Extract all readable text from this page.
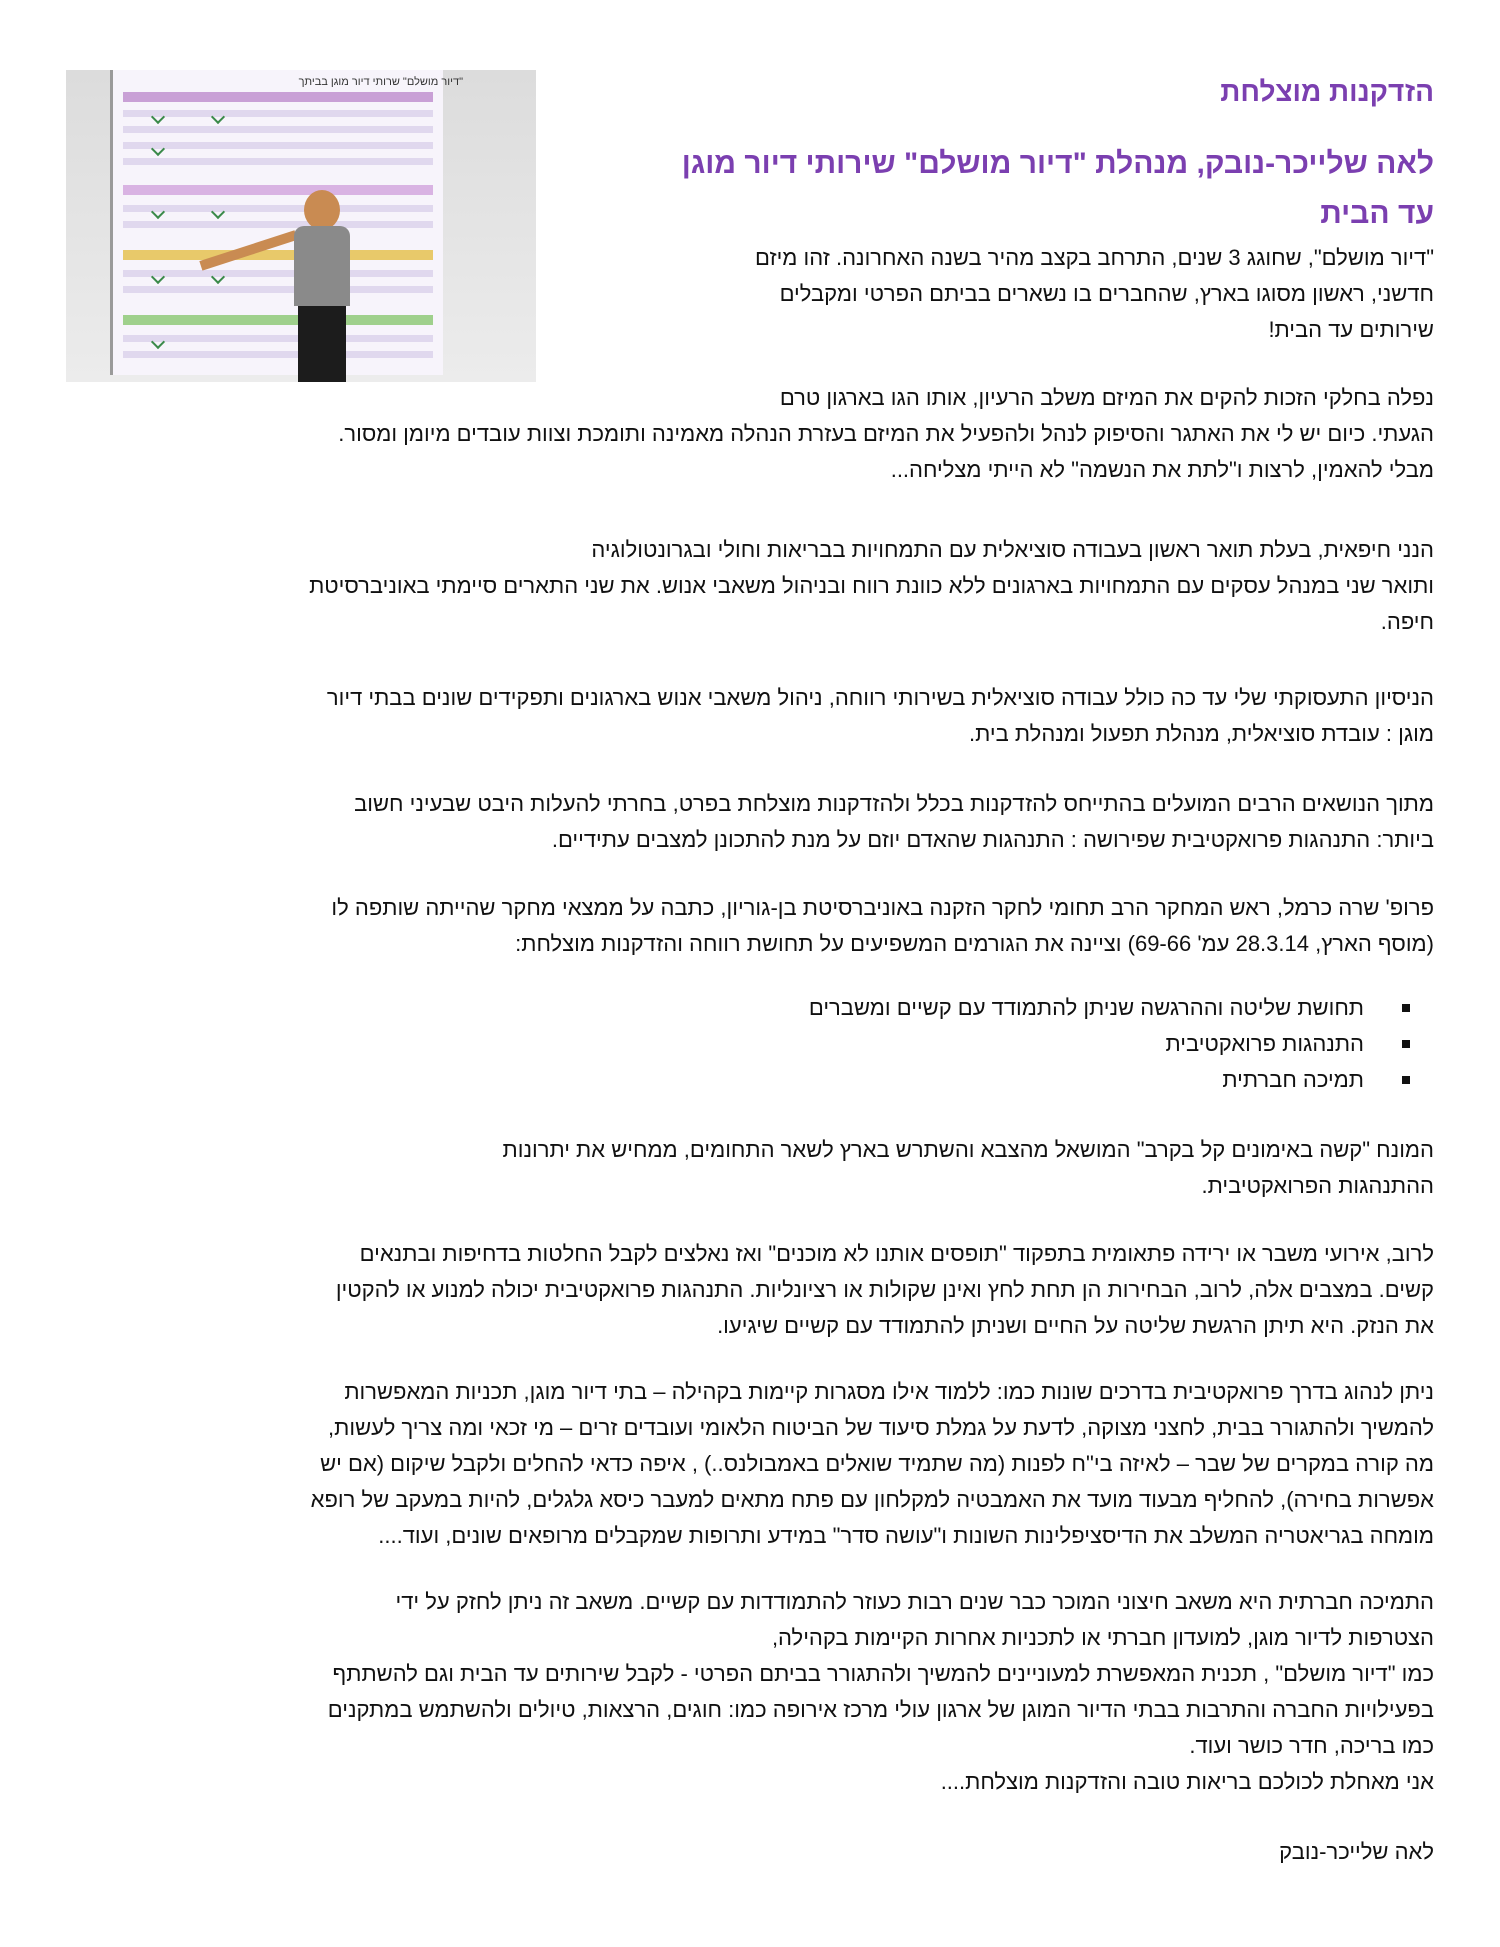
"דיור מושלם" שרותי דיור מוגן בביתך	הזדקנות מוצלחת
לאה שלייכר-נובק, מנהלת "דיור מושלם" שירותי דיור מוגן
עד הבית
"דיור מושלם", שחוגג 3 שנים, התרחב בקצב מהיר בשנה האחרונה. זהו מיזם
חדשני, ראשון מסוגו בארץ, שהחברים בו נשארים בביתם הפרטי ומקבלים
שירותים עד הבית!
נפלה בחלקי הזכות להקים את המיזם משלב הרעיון, אותו הגו בארגון טרם
הגעתי. כיום יש לי את האתגר והסיפוק לנהל ולהפעיל את המיזם בעזרת הנהלה מאמינה ותומכת וצוות עובדים מיומן ומסור.
מבלי להאמין, לרצות ו"לתת את הנשמה" לא הייתי מצליחה...
הנני חיפאית, בעלת תואר ראשון בעבודה סוציאלית עם התמחויות בבריאות וחולי ובגרונטולוגיה
ותואר שני במנהל עסקים עם התמחויות בארגונים ללא כוונת רווח ובניהול משאבי אנוש. את שני התארים סיימתי באוניברסיטת
חיפה.
הניסיון התעסוקתי שלי עד כה כולל עבודה סוציאלית בשירותי רווחה, ניהול משאבי אנוש בארגונים ותפקידים שונים בבתי דיור
מוגן : עובדת סוציאלית, מנהלת תפעול ומנהלת בית.
מתוך הנושאים הרבים המועלים בהתייחס להזדקנות בכלל ולהזדקנות מוצלחת בפרט, בחרתי להעלות היבט שבעיני חשוב
ביותר: התנהגות פרואקטיבית שפירושה : התנהגות שהאדם יוזם על מנת להתכונן למצבים עתידיים.
פרופ' שרה כרמל, ראש המחקר הרב תחומי לחקר הזקנה באוניברסיטת בן-גוריון, כתבה על ממצאי מחקר שהייתה שותפה לו
(מוסף הארץ, 28.3.14 עמ' 69-66) וציינה את הגורמים המשפיעים על תחושת רווחה והזדקנות מוצלחת:
תחושת שליטה וההרגשה שניתן להתמודד עם קשיים ומשברים
התנהגות פרואקטיבית
תמיכה חברתית
המונח "קשה באימונים קל בקרב" המושאל מהצבא והשתרש בארץ לשאר התחומים, ממחיש את יתרונות
ההתנהגות הפרואקטיבית.
לרוב, אירועי משבר או ירידה פתאומית בתפקוד "תופסים אותנו לא מוכנים" ואז נאלצים לקבל החלטות בדחיפות ובתנאים
קשים. במצבים אלה, לרוב, הבחירות הן תחת לחץ ואינן שקולות או רציונליות. התנהגות פרואקטיבית יכולה למנוע או להקטין
את הנזק. היא תיתן הרגשת שליטה על החיים ושניתן להתמודד עם קשיים שיגיעו.
ניתן לנהוג בדרך פרואקטיבית בדרכים שונות כמו: ללמוד אילו מסגרות קיימות בקהילה – בתי דיור מוגן, תכניות המאפשרות
להמשיך ולהתגורר בבית, לחצני מצוקה, לדעת על גמלת סיעוד של הביטוח הלאומי ועובדים זרים – מי זכאי ומה צריך לעשות,
מה קורה במקרים של שבר – לאיזה בי"ח לפנות (מה שתמיד שואלים באמבולנס..) , איפה כדאי להחלים ולקבל שיקום (אם יש
אפשרות בחירה), להחליף מבעוד מועד את האמבטיה למקלחון עם פתח מתאים למעבר כיסא גלגלים, להיות במעקב של רופא
מומחה בגריאטריה המשלב את הדיסציפלינות השונות ו"עושה סדר" במידע ותרופות שמקבלים מרופאים שונים, ועוד....
התמיכה חברתית היא משאב חיצוני המוכר כבר שנים רבות כעוזר להתמודדות עם קשיים. משאב זה ניתן לחזק על ידי
הצטרפות לדיור מוגן, למועדון חברתי או לתכניות אחרות הקיימות בקהילה,
כמו "דיור מושלם" , תכנית המאפשרת למעוניינים להמשיך ולהתגורר בביתם הפרטי - לקבל שירותים עד הבית וגם להשתתף
בפעילויות החברה והתרבות בבתי הדיור המוגן של ארגון עולי מרכז אירופה כמו: חוגים, הרצאות, טיולים ולהשתמש במתקנים
כמו בריכה, חדר כושר ועוד.
אני מאחלת לכולכם בריאות טובה והזדקנות מוצלחת....
לאה שלייכר-נובק
